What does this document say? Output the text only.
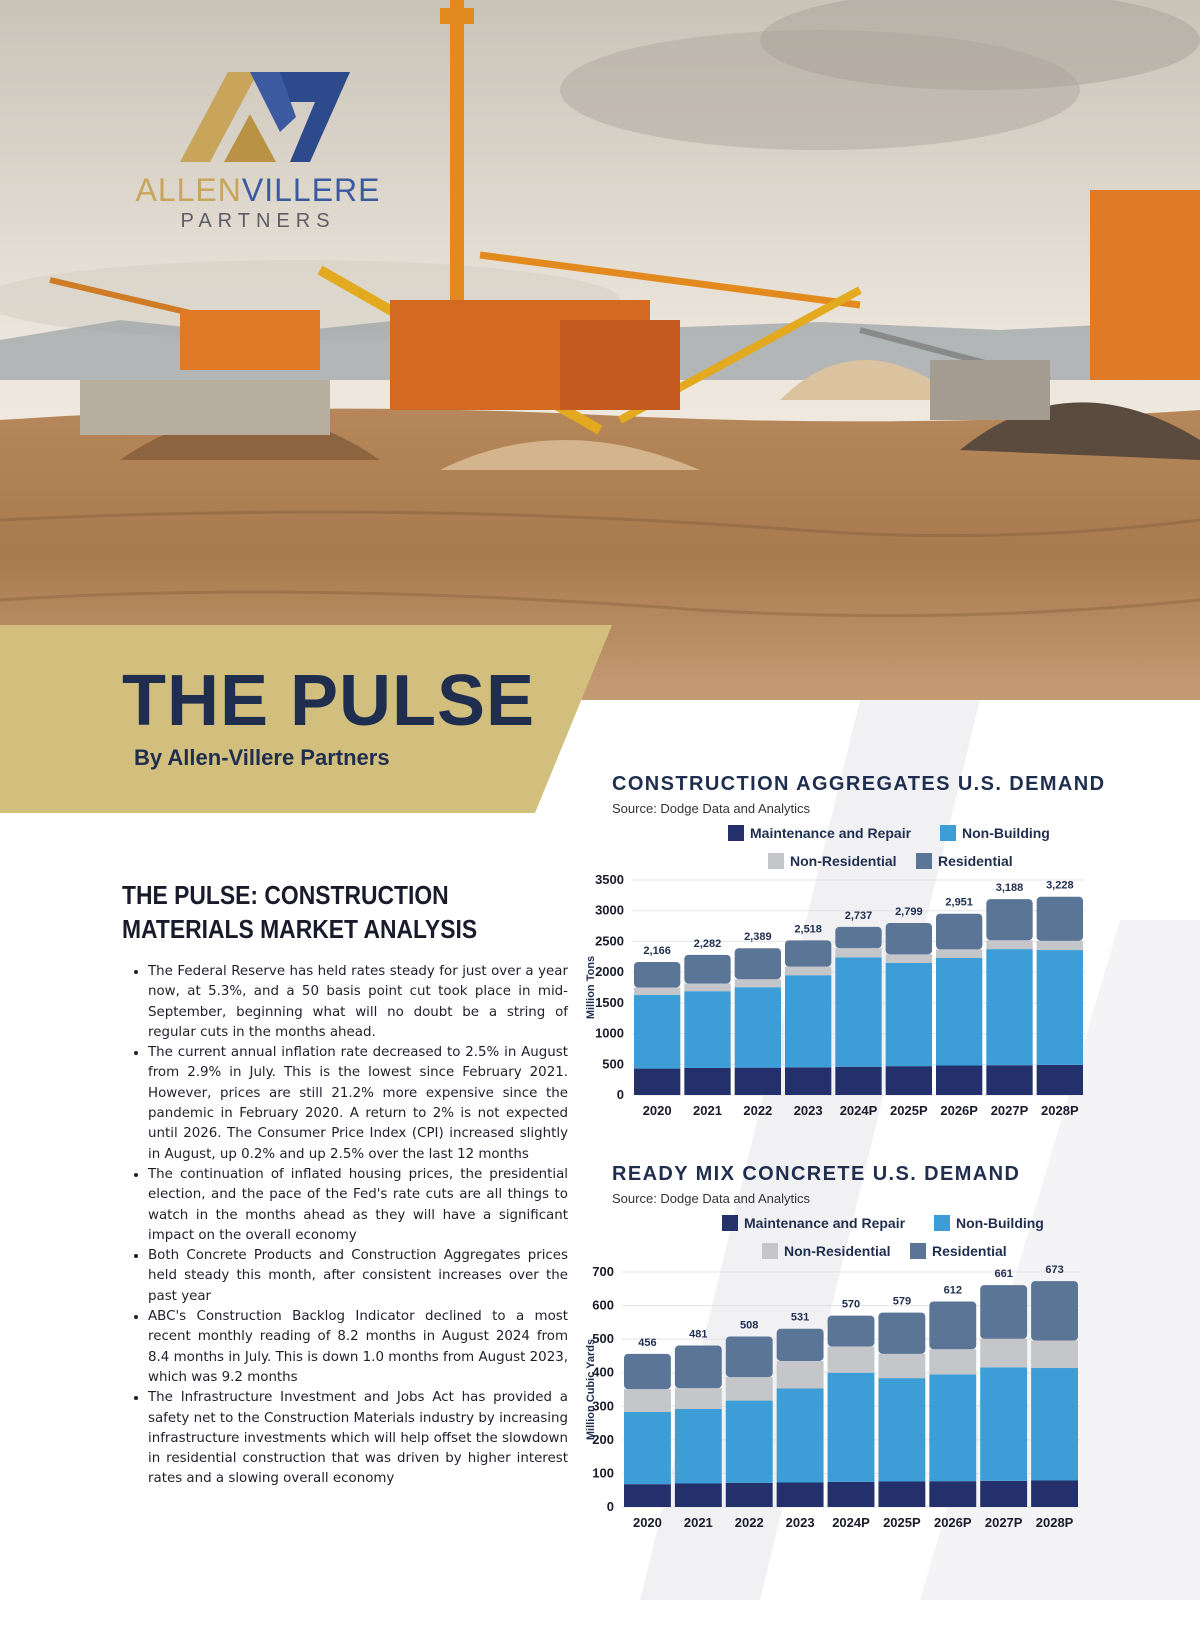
ALLENVILLERE
PARTNERS
THE PULSE
By Allen-Villere Partners
THE PULSE: CONSTRUCTION
MATERIALS MARKET ANALYSIS
• The Federal Reserve has held rates steady for just over a year now, at 5.3%, and a 50 basis point cut took place in mid-September, beginning what will no doubt be a string of regular cuts in the months ahead.
• The current annual inflation rate decreased to 2.5% in August from 2.9% in July. This is the lowest since February 2021. However, prices are still 21.2% more expensive since the pandemic in February 2020. A return to 2% is not expected until 2026. The Consumer Price Index (CPI) increased slightly in August, up 0.2% and up 2.5% over the last 12 months
• The continuation of inflated housing prices, the presidential election, and the pace of the Fed's rate cuts are all things to watch in the months ahead as they will have a significant impact on the overall economy
• Both Concrete Products and Construction Aggregates prices held steady this month, after consistent increases over the past year
• ABC's Construction Backlog Indicator declined to a most recent monthly reading of 8.2 months in August 2024 from 8.4 months in July. This is down 1.0 months from August 2023, which was 9.2 months
• The Infrastructure Investment and Jobs Act has provided a safety net to the Construction Materials industry by increasing infrastructure investments which will help offset the slowdown in residential construction that was driven by higher interest rates and a slowing overall economy
CONSTRUCTION AGGREGATES U.S. DEMAND
Source: Dodge Data and Analytics
Maintenance and Repair	Non-Building
Non-Residential	Residential
Million Tons
0
500
1000
1500
2000
2500
3000
3500
2,166
2020
2,282
2021
2,389
2022
2,518
2023
2,737
2024P
2,799
2025P
2,951
2026P
3,188
2027P
3,228
2028P
READY MIX CONCRETE U.S. DEMAND
Source: Dodge Data and Analytics
Maintenance and Repair	Non-Building
Non-Residential	Residential
Million Cubic Yards
0
100
200
300
400
500
600
700
456
2020
481
2021
508
2022
531
2023
570
2024P
579
2025P
612
2026P
661
2027P
673
2028P
